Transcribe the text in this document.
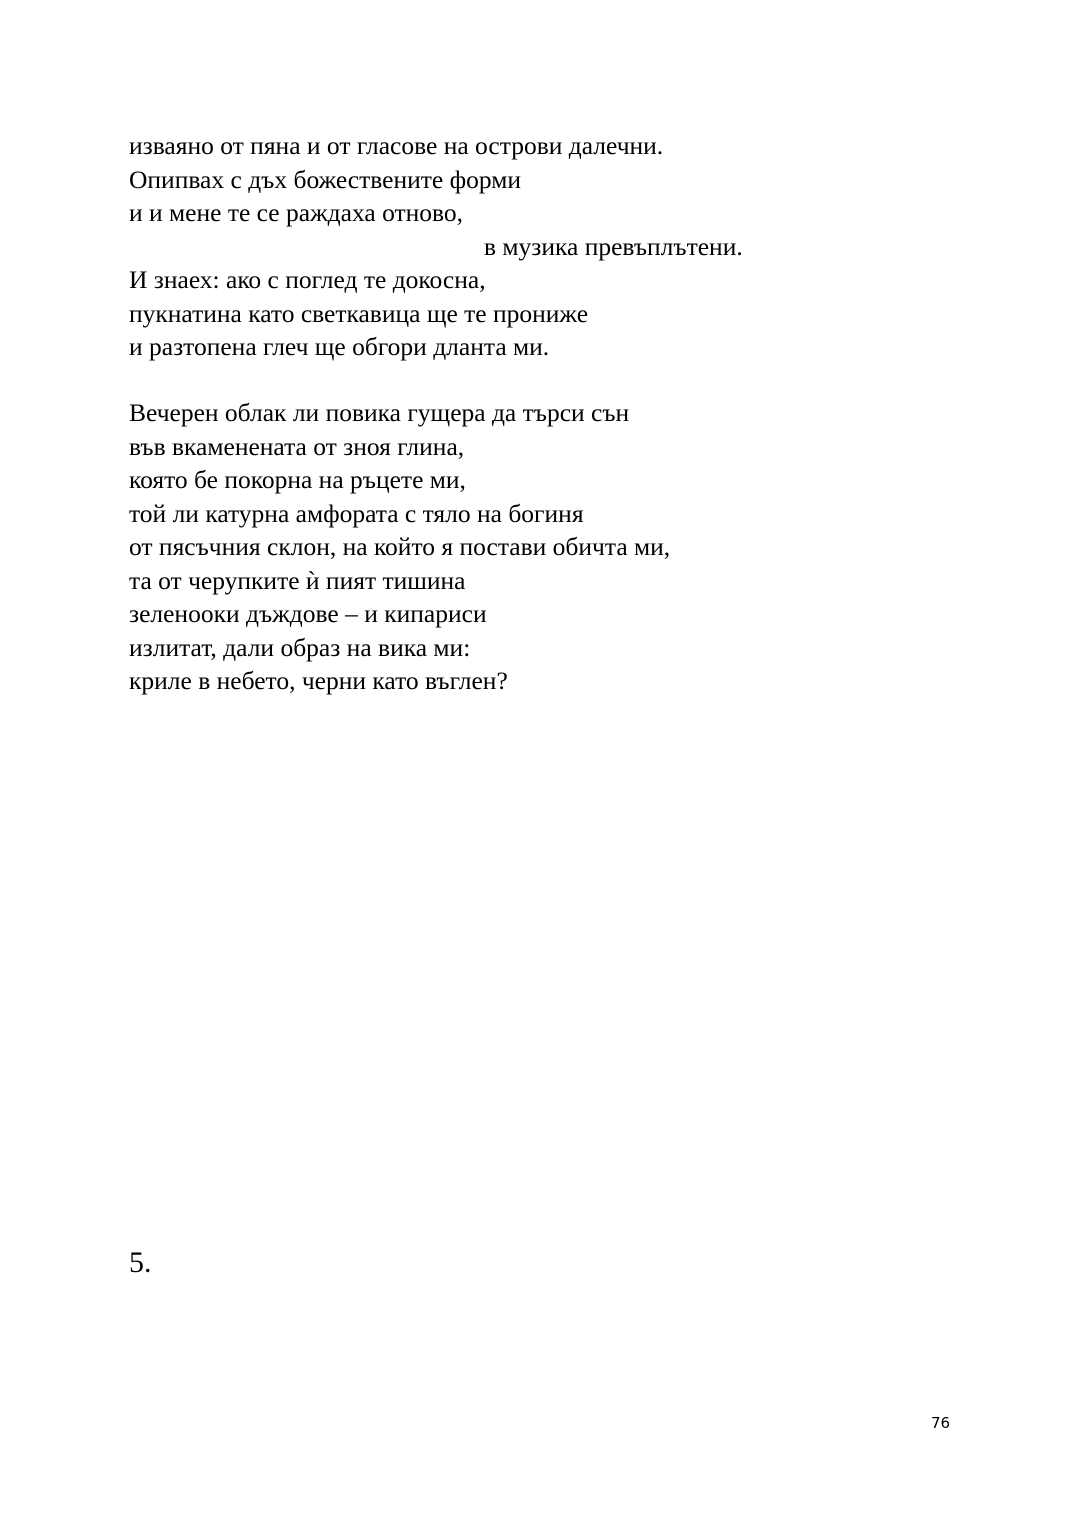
изваяно от пяна и от гласове на острови далечни.
Опипвах с дъх божествените форми
и и мене те се раждаха отново,
в музика превъплътени.
И знаех: ако с поглед те докосна,
пукнатина като светкавица ще те прониже
и разтопена глеч ще обгори дланта ми.
Вечерен облак ли повика гущера да търси сън
във вкаменената от зноя глина,
която бе покорна на ръцете ми,
той ли катурна амфората с тяло на богиня
от пясъчния склон, на който я постави обичта ми,
та от черупките ѝ пият тишина
зеленооки дъждове – и кипариси
излитат, дали образ на вика ми:
криле в небето, черни като въглен?
5.
76
